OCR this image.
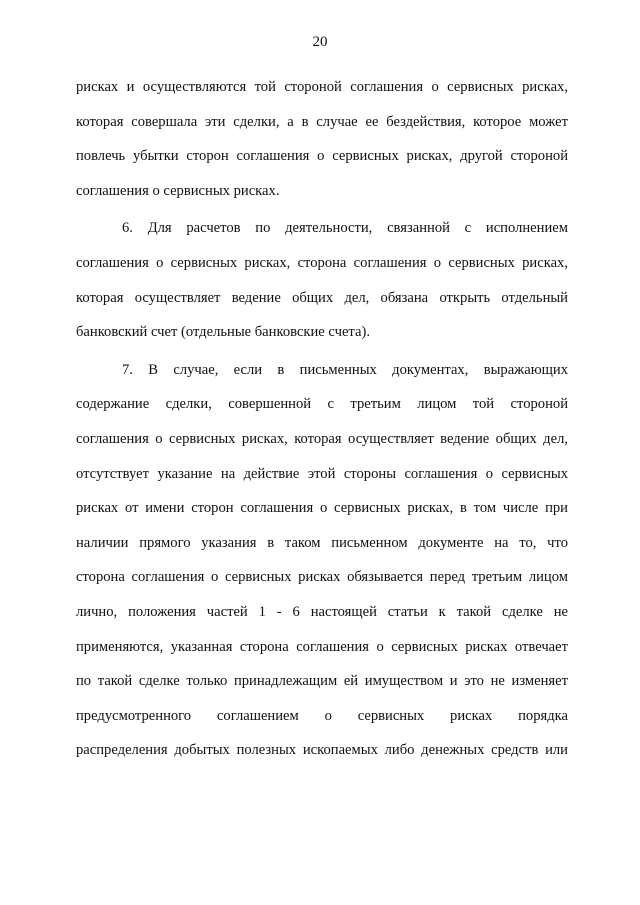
20
рисках и осуществляются той стороной соглашения о сервисных рисках,
которая совершала эти сделки, а в случае ее бездействия, которое может
повлечь убытки сторон соглашения о сервисных рисках, другой стороной
соглашения о сервисных рисках.
6. Для расчетов по деятельности, связанной с исполнением
соглашения о сервисных рисках, сторона соглашения о сервисных рисках,
которая осуществляет ведение общих дел, обязана открыть отдельный
банковский счет (отдельные банковские счета).
7. В случае, если в письменных документах, выражающих
содержание сделки, совершенной с третьим лицом той стороной
соглашения о сервисных рисках, которая осуществляет ведение общих дел,
отсутствует указание на действие этой стороны соглашения о сервисных
рисках от имени сторон соглашения о сервисных рисках, в том числе при
наличии прямого указания в таком письменном документе на то, что
сторона соглашения о сервисных рисках обязывается перед третьим лицом
лично, положения частей 1 - 6 настоящей статьи к такой сделке не
применяются, указанная сторона соглашения о сервисных рисках отвечает
по такой сделке только принадлежащим ей имуществом и это не изменяет
предусмотренного соглашением о сервисных рисках порядка
распределения добытых полезных ископаемых либо денежных средств или
